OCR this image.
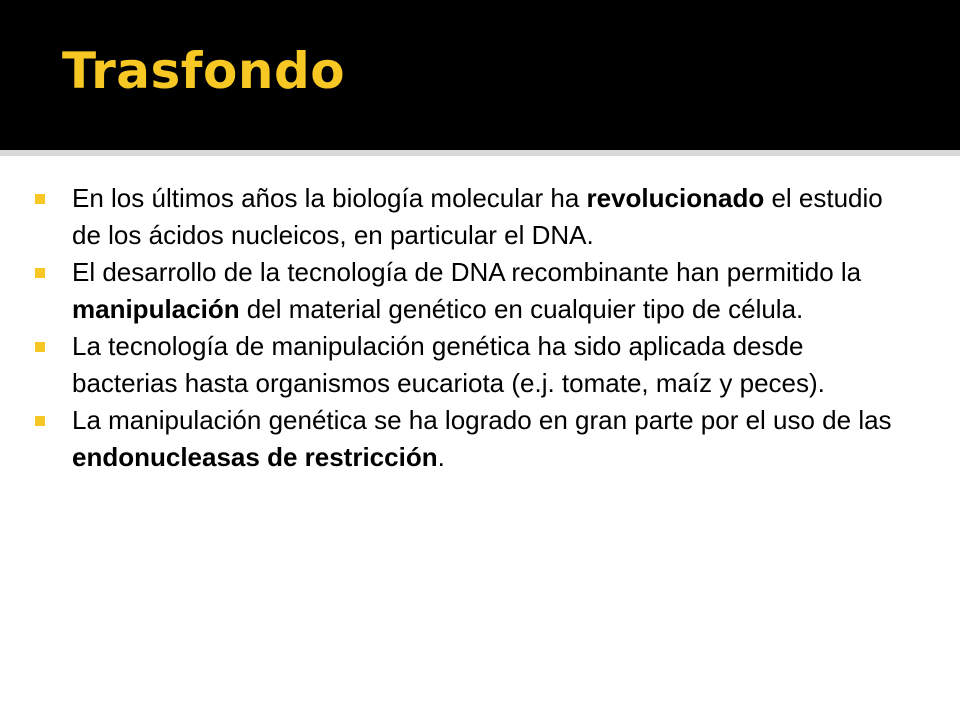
Trasfondo
En los últimos años la biología molecular ha revolucionado el estudio de los ácidos nucleicos, en particular el DNA.
El desarrollo de la tecnología de DNA recombinante han permitido la manipulación del material genético en cualquier tipo de célula.
La tecnología de manipulación genética ha sido aplicada desde bacterias hasta organismos eucariota (e.j. tomate, maíz y peces).
La manipulación genética se ha logrado en gran parte por el uso de las endonucleasas de restricción.
